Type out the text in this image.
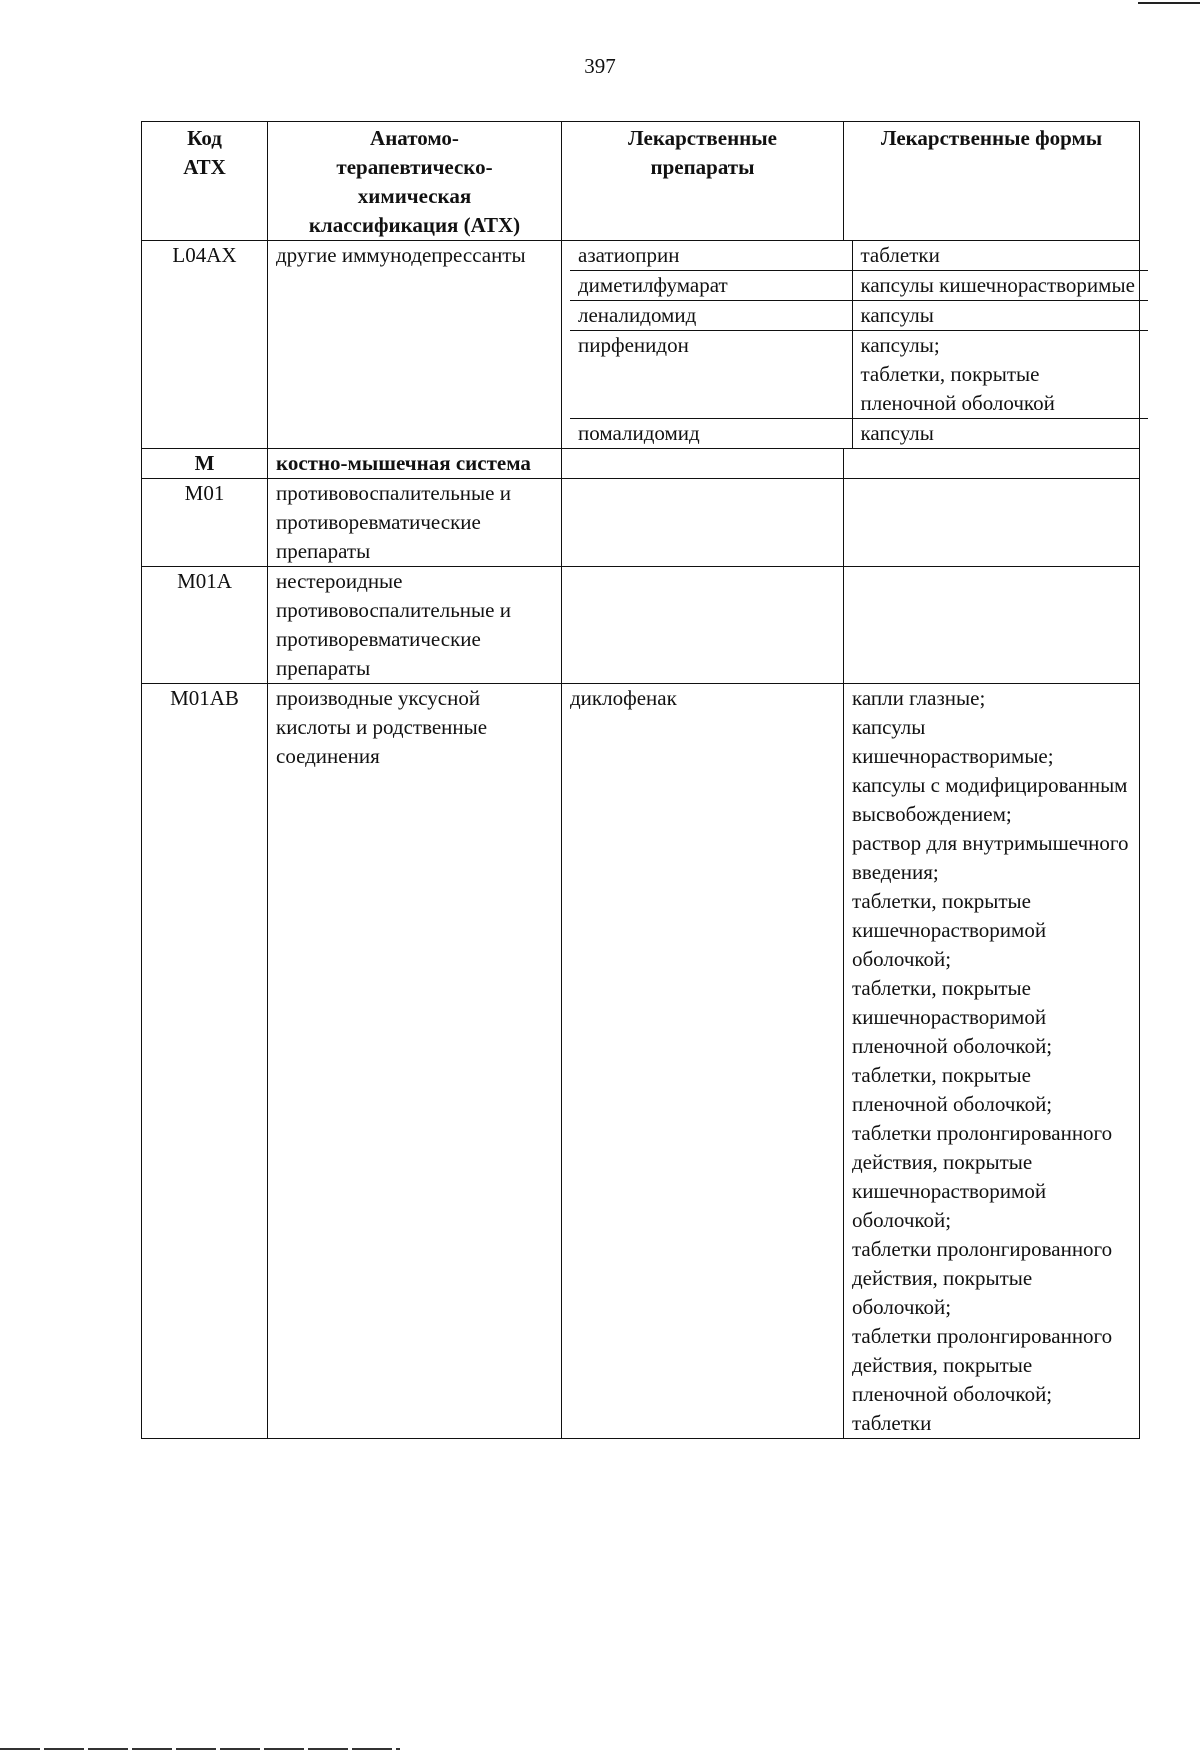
397
Код АТХ	Анатомо-терапевтическо-химическая классификация (АТХ)	Лекарственные препараты	Лекарственные формы
L04AX	другие иммунодепрессанты	азатиоприн	таблетки

диметилфумарат	капсулы кишечнорастворимые

леналидомид	капсулы

пирфенидон	капсулы;
таблетки, покрытые пленочной оболочкой

помалидомид	капсулы

M	костно-мышечная система		
M01	противовоспалительные и противоревматические препараты		
M01A	нестероидные противовоспалительные и противоревматические препараты		
M01AB	производные уксусной кислоты и родственные соединения	диклофенак	капли глазные;
капсулы кишечнорастворимые;
капсулы с модифицированным высвобождением;
раствор для внутримышечного введения;
таблетки, покрытые кишечнорастворимой оболочкой;
таблетки, покрытые кишечнорастворимой пленочной оболочкой;
таблетки, покрытые пленочной оболочкой;
таблетки пролонгированного действия, покрытые кишечнорастворимой оболочкой;
таблетки пролонгированного действия, покрытые оболочкой;
таблетки пролонгированного действия, покрытые пленочной оболочкой;
таблетки
